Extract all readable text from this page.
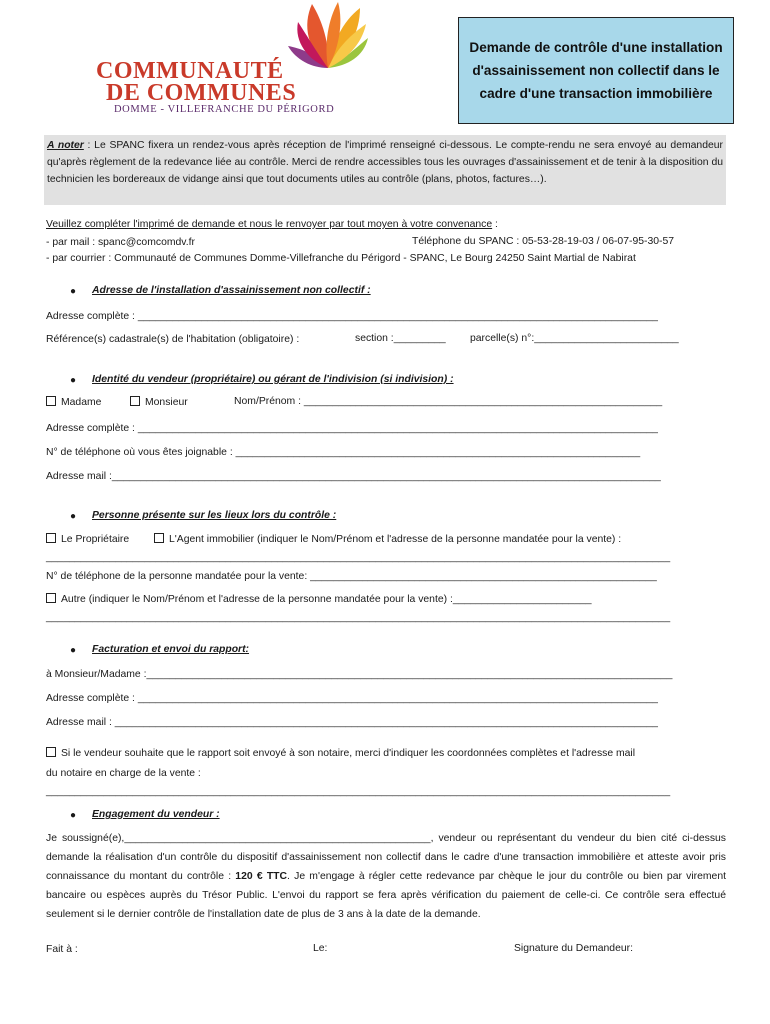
COMMUNAUTÉ
DE COMMUNES
DOMME - VILLEFRANCHE DU PÉRIGORD
Demande de contrôle d'une installation d'assainissement non collectif dans le cadre d'une transaction immobilière
A noter : Le SPANC fixera un rendez-vous après réception de l'imprimé renseigné ci-dessous. Le compte-rendu ne sera envoyé au demandeur qu'après règlement de la redevance liée au contrôle. Merci de rendre accessibles tous les ouvrages d'assainissement et de tenir à la disposition du technicien les bordereaux de vidange ainsi que tout documents utiles au contrôle (plans, photos, factures…).
Veuillez compléter l'imprimé de demande et nous le renvoyer par tout moyen à votre convenance :
- par mail : spanc@comcomdv.fr	Téléphone du SPANC : 05-53-28-19-03 / 06-07-95-30-57
- par courrier : Communauté de Communes Domme-Villefranche du Périgord - SPANC, Le Bourg 24250 Saint Martial de Nabirat
● Adresse de l'installation d'assainissement non collectif :
Adresse complète : __________________________________________________________________________________________
Référence(s) cadastrale(s) de l'habitation (obligatoire) :	section :_________ parcelle(s) n°:_________________________
● Identité du vendeur (propriétaire) ou gérant de l'indivision (si indivision) :
Madame	Monsieur	Nom/Prénom : ______________________________________________________________
Adresse complète : __________________________________________________________________________________________
N° de téléphone où vous êtes joignable : ______________________________________________________________________
Adresse mail :_______________________________________________________________________________________________
● Personne présente sur les lieux lors du contrôle :
Le Propriétaire	L'Agent immobilier (indiquer le Nom/Prénom et l'adresse de la personne mandatée pour la vente) :
____________________________________________________________________________________________________________
N° de téléphone de la personne mandatée pour la vente: ____________________________________________________________
Autre (indiquer le Nom/Prénom et l'adresse de la personne mandatée pour la vente) :________________________
____________________________________________________________________________________________________________
● Facturation et envoi du rapport:
à Monsieur/Madame :___________________________________________________________________________________________
Adresse complète : __________________________________________________________________________________________
Adresse mail : ______________________________________________________________________________________________
Si le vendeur souhaite que le rapport soit envoyé à son notaire, merci d'indiquer les coordonnées complètes et l'adresse mail
du notaire en charge de la vente :
____________________________________________________________________________________________________________
● Engagement du vendeur :
Je soussigné(e),_____________________________________________________, vendeur ou représentant du vendeur du bien cité ci-dessus demande la réalisation d'un contrôle du dispositif d'assainissement non collectif dans le cadre d'une transaction immobilière et atteste avoir pris connaissance du montant du contrôle : 120 € TTC. Je m'engage à régler cette redevance par chèque le jour du contrôle ou bien par virement bancaire ou espèces auprès du Trésor Public. L'envoi du rapport se fera après vérification du paiement de celle-ci. Ce contrôle sera effectué seulement si le dernier contrôle de l'installation date de plus de 3 ans à la date de la demande.
Fait à :	Le:	Signature du Demandeur:
